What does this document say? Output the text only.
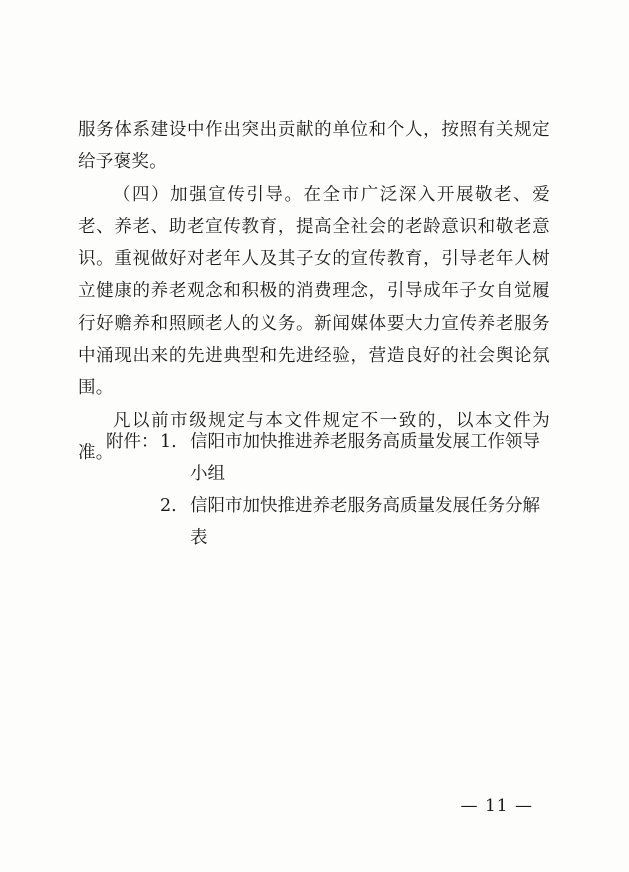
服务体系建设中作出突出贡献的单位和个人，按照有关规定给予褒奖。

（四）加强宣传引导。在全市广泛深入开展敬老、爱老、养老、助老宣传教育，提高全社会的老龄意识和敬老意识。重视做好对老年人及其子女的宣传教育，引导老年人树立健康的养老观念和积极的消费理念，引导成年子女自觉履行好赡养和照顾老人的义务。新闻媒体要大力宣传养老服务中涌现出来的先进典型和先进经验，营造良好的社会舆论氛围。

凡以前市级规定与本文件规定不一致的，以本文件为准。

附件： 1. 信阳市加快推进养老服务高质量发展工作领导小组
2. 信阳市加快推进养老服务高质量发展任务分解表
— 11 —
